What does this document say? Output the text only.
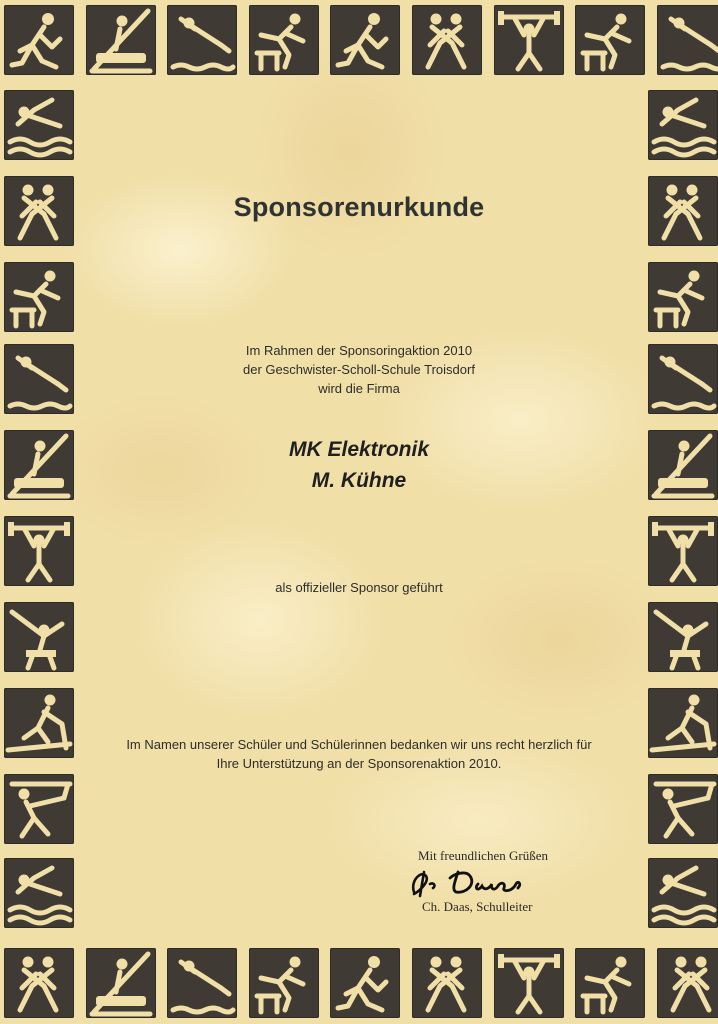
Sponsorenurkunde
Im Rahmen der Sponsoringaktion 2010
der Geschwister-Scholl-Schule Troisdorf
wird die Firma
MK Elektronik
M. Kühne
als offizieller Sponsor geführt
Im Namen unserer Schüler und Schülerinnen bedanken wir uns recht herzlich für
Ihre Unterstützung an der Sponsorenaktion 2010.
Mit freundlichen Grüßen
Ch. Daas, Schulleiter
